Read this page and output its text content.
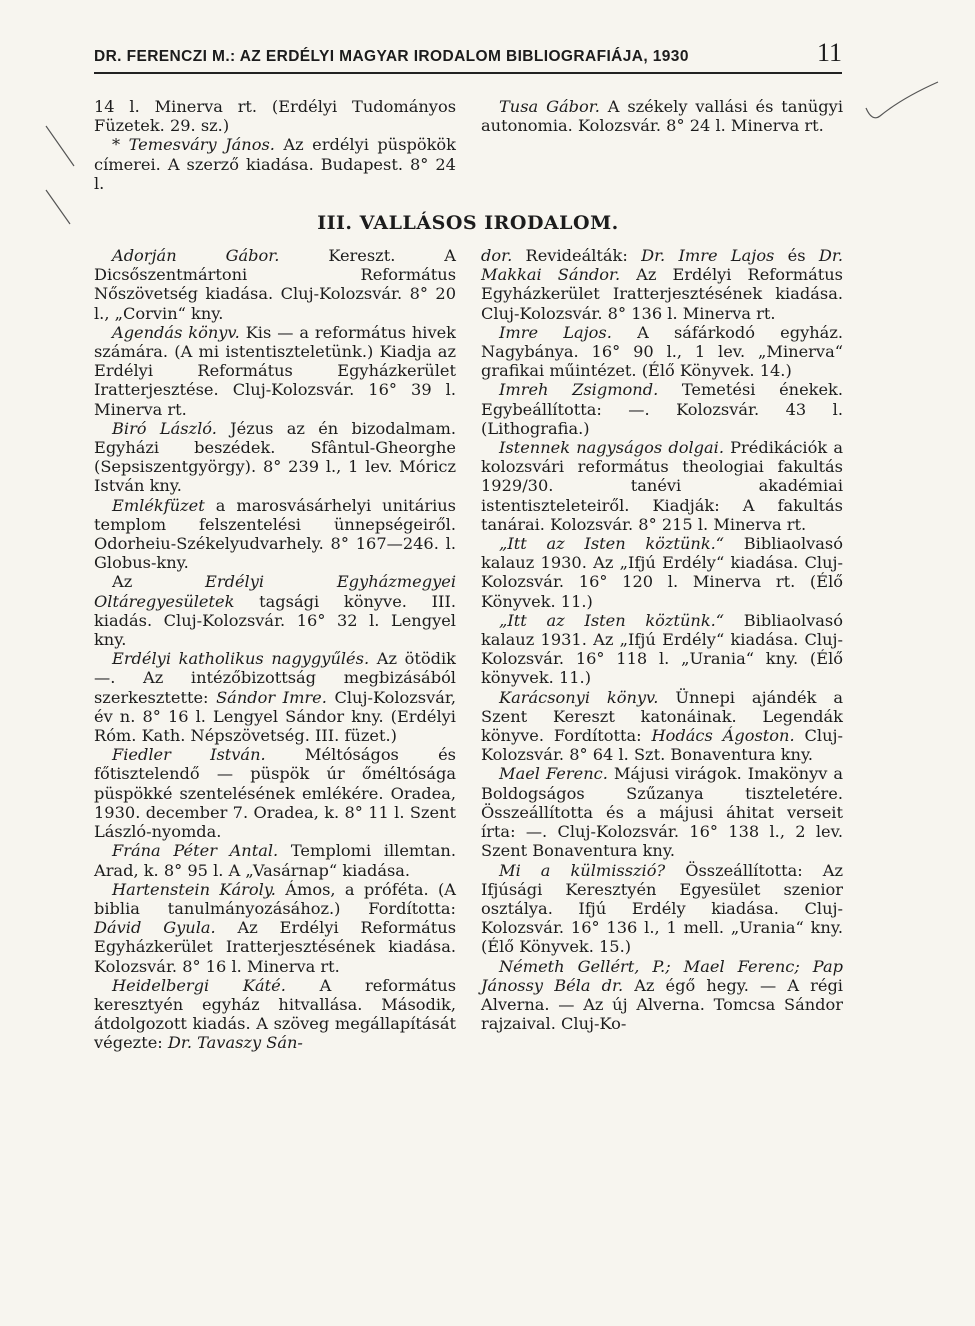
DR. FERENCZI M.: AZ ERDÉLYI MAGYAR IRODALOM BIBLIOGRAFIÁJA, 1930	11

14 l. Minerva rt. (Erdélyi Tudományos Füzetek. 29. sz.)

* Temesváry János. Az erdélyi püspökök címerei. A szerző kiadása. Budapest. 8° 24 l.

Tusa Gábor. A székely vallási és tanügyi autonomia. Kolozsvár. 8° 24 l. Minerva rt.

III. VALLÁSOS IRODALOM.

Adorján Gábor. Kereszt. A Dicsőszentmártoni Református Nőszövetség kiadása. Cluj-Kolozsvár. 8° 20 l., „Corvin“ kny.

Agendás könyv. Kis — a református hivek számára. (A mi istentiszteletünk.) Kiadja az Erdélyi Református Egyházkerület Iratterjesztése. Cluj-Kolozsvár. 16° 39 l. Minerva rt.

Biró László. Jézus az én bizodalmam. Egyházi beszédek. Sfântul-Gheorghe (Sepsiszentgyörgy). 8° 239 l., 1 lev. Móricz István kny.

Emlékfüzet a marosvásárhelyi unitárius templom felszentelési ünnepségeiről. Odorheiu-Székelyudvarhely. 8° 167—246. l. Globus-kny.

Az Erdélyi Egyházmegyei Oltáregyesületek tagsági könyve. III. kiadás. Cluj-Kolozsvár. 16° 32 l. Lengyel kny.

Erdélyi katholikus nagygyűlés. Az ötödik —. Az intézőbizottság megbizásából szerkesztette: Sándor Imre. Cluj-Kolozsvár, év n. 8° 16 l. Lengyel Sándor kny. (Erdélyi Róm. Kath. Népszövetség. III. füzet.)

Fiedler István. Méltóságos és főtisztelendő — püspök úr őméltósága püspökké szentelésének emlékére. Oradea, 1930. december 7. Oradea, k. 8° 11 l. Szent László-nyomda.

Frána Péter Antal. Templomi illemtan. Arad, k. 8° 95 l. A „Vasárnap“ kiadása.

Hartenstein Károly. Ámos, a próféta. (A biblia tanulmányozásához.) Fordította: Dávid Gyula. Az Erdélyi Református Egyházkerület Iratterjesztésének kiadása. Kolozsvár. 8° 16 l. Minerva rt.

Heidelbergi Káté. A református keresztyén egyház hitvallása. Második, átdolgozott kiadás. A szöveg megállapítását végezte: Dr. Tavaszy Sán-

dor. Revideálták: Dr. Imre Lajos és Dr. Makkai Sándor. Az Erdélyi Református Egyházkerület Iratterjesztésének kiadása. Cluj-Kolozsvár. 8° 136 l. Minerva rt.

Imre Lajos. A sáfárkodó egyház. Nagybánya. 16° 90 l., 1 lev. „Minerva“ grafikai műintézet. (Élő Könyvek. 14.)

Imreh Zsigmond. Temetési énekek. Egybeállította: —. Kolozsvár. 43 l. (Lithografia.)

Istennek nagyságos dolgai. Prédikációk a kolozsvári református theologiai fakultás 1929/30. tanévi akadémiai istentiszteleteiről. Kiadják: A fakultás tanárai. Kolozsvár. 8° 215 l. Minerva rt.

„Itt az Isten köztünk.“ Bibliaolvasó kalauz 1930. Az „Ifjú Erdély“ kiadása. Cluj-Kolozsvár. 16° 120 l. Minerva rt. (Élő Könyvek. 11.)

„Itt az Isten köztünk.“ Bibliaolvasó kalauz 1931. Az „Ifjú Erdély“ kiadása. Cluj-Kolozsvár. 16° 118 l. „Urania“ kny. (Élő könyvek. 11.)

Karácsonyi könyv. Ünnepi ajándék a Szent Kereszt katonáinak. Legendák könyve. Fordította: Hodács Ágoston. Cluj-Kolozsvár. 8° 64 l. Szt. Bonaventura kny.

Mael Ferenc. Májusi virágok. Imakönyv a Boldogságos Szűzanya tiszteletére. Összeállította és a májusi áhitat verseit írta: —. Cluj-Kolozsvár. 16° 138 l., 2 lev. Szent Bonaventura kny.

Mi a külmisszió? Összeállította: Az Ifjúsági Keresztyén Egyesület szenior osztálya. Ifjú Erdély kiadása. Cluj-Kolozsvár. 16° 136 l., 1 mell. „Urania“ kny. (Élő Könyvek. 15.)

Németh Gellért, P.; Mael Ferenc; Pap Jánossy Béla dr. Az égő hegy. — A régi Alverna. — Az új Alverna. Tomcsa Sándor rajzaival. Cluj-Ko-
